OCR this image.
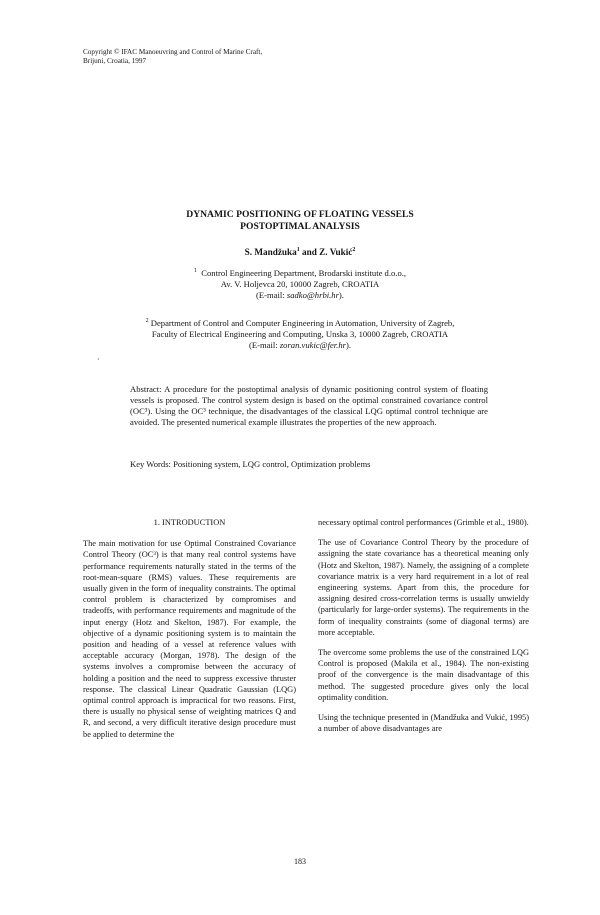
Copyright © IFAC Manoeuvring and Control of Marine Craft,
Brijuni, Croatia, 1997
DYNAMIC POSITIONING OF FLOATING VESSELS
POSTOPTIMAL ANALYSIS
S. Mandžuka$^1$ and Z. Vukić$^2$
$^1$ Control Engineering Department, Brodarski institute d.o.o.,
Av. V. Holjevca 20, 10000 Zagreb, CROATIA
(E-mail: sadko@hrbi.hr).
$^2$ Department of Control and Computer Engineering in Automation, University of Zagreb,
Faculty of Electrical Engineering and Computing, Unska 3, 10000 Zagreb, CROATIA
(E-mail: zoran.vukic@fer.hr).
·
Abstract: A procedure for the postoptimal analysis of dynamic positioning control system of floating vessels is proposed. The control system design is based on the optimal constrained covariance control (OC³). Using the OC³ technique, the disadvantages of the classical LQG optimal control technique are avoided. The presented numerical example illustrates the properties of the new approach.
Key Words: Positioning system, LQG control, Optimization problems
1. INTRODUCTION

The main motivation for use Optimal Constrained Covariance Control Theory (OC³) is that many real control systems have performance requirements naturally stated in the terms of the root-mean-square (RMS) values. These requirements are usually given in the form of inequality constraints. The optimal control problem is characterized by compromises and tradeoffs, with performance requirements and magnitude of the input energy (Hotz and Skelton, 1987). For example, the objective of a dynamic positioning system is to maintain the position and heading of a vessel at reference values with acceptable accuracy (Morgan, 1978). The design of the systems involves a compromise between the accuracy of holding a position and the need to suppress excessive thruster response. The classical Linear Quadratic Gaussian (LQG) optimal control approach is impractical for two reasons. First, there is usually no physical sense of weighting matrices Q and R, and second, a very difficult iterative design procedure must be applied to determine the

necessary optimal control performances (Grimble et al., 1980).

The use of Covariance Control Theory by the procedure of assigning the state covariance has a theoretical meaning only (Hotz and Skelton, 1987). Namely, the assigning of a complete covariance matrix is a very hard requirement in a lot of real engineering systems. Apart from this, the procedure for assigning desired cross-correlation terms is usually unwieldy (particularly for large-order systems). The requirements in the form of inequality constraints (some of diagonal terms) are more acceptable.

The overcome some problems the use of the constrained LQG Control is proposed (Makila et al., 1984). The non-existing proof of the convergence is the main disadvantage of this method. The suggested procedure gives only the local optimality condition.

Using the technique presented in (Mandžuka and Vukić, 1995) a number of above disadvantages are

183
